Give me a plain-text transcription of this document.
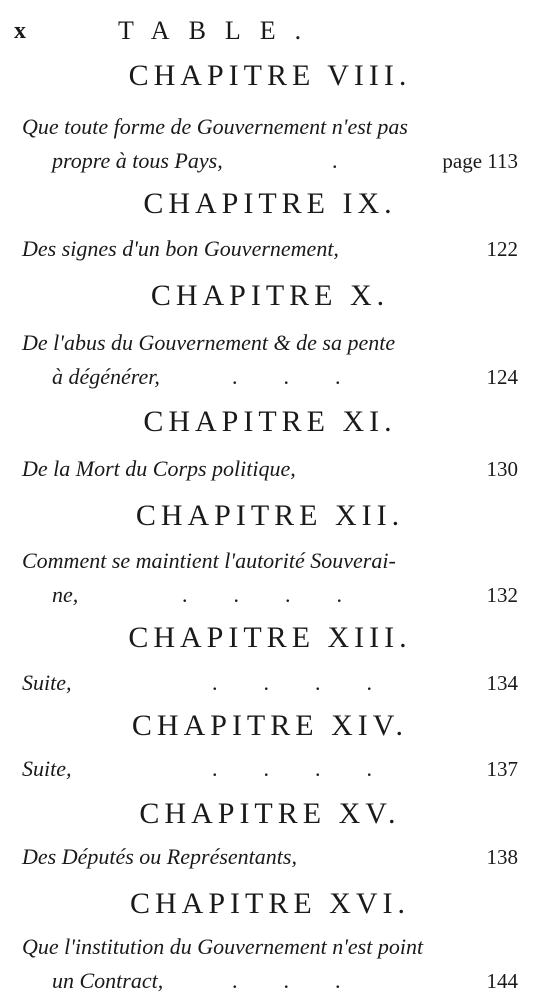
x	TABLE.
CHAPITRE VIII.
Que toute forme de Gouvernement n'est pas
propre à tous Pays,	.	page 113
CHAPITRE IX.
Des signes d'un bon Gouvernement,	122
CHAPITRE X.
De l'abus du Gouvernement & de sa pente
à dégénérer,	...	124
CHAPITRE XI.
De la Mort du Corps politique,	130
CHAPITRE XII.
Comment se maintient l'autorité Souverai-
ne,	....	132
CHAPITRE XIII.
Suite,	....	134
CHAPITRE XIV.
Suite,	....	137
CHAPITRE XV.
Des Députés ou Représentants,	138
CHAPITRE XVI.
Que l'institution du Gouvernement n'est point
un Contract,	...	144
